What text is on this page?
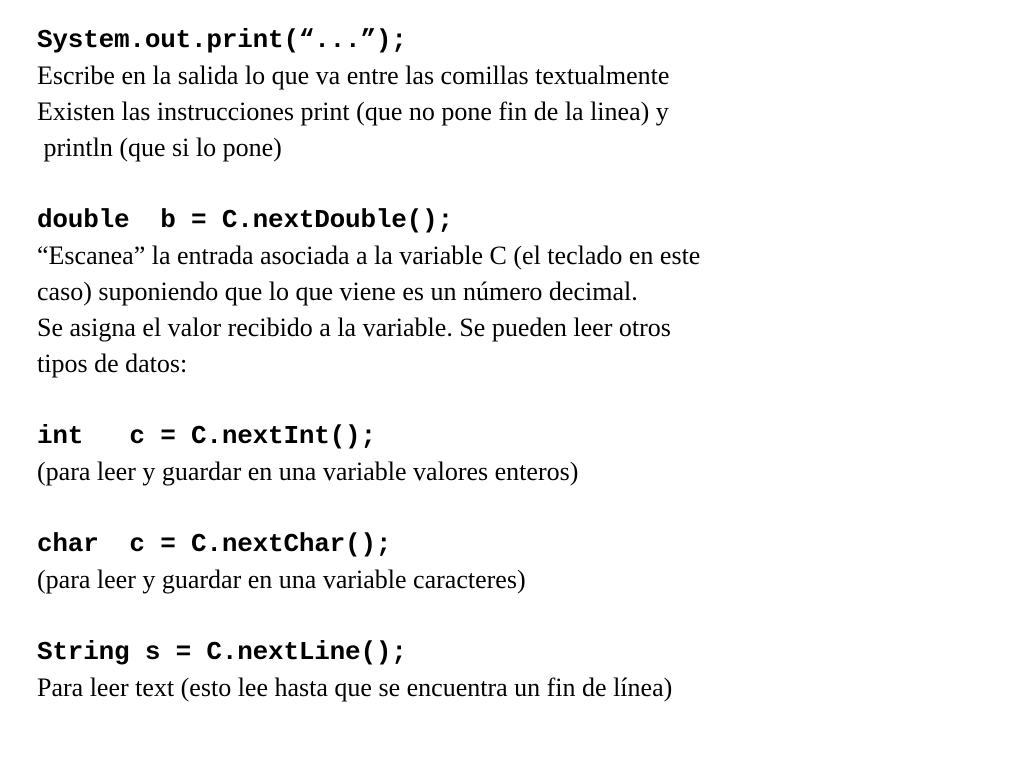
System.out.print(“...”);
Escribe en la salida lo que va entre las comillas textualmente
Existen las instrucciones print (que no pone fin de la linea) y
println (que si lo pone)
double  b = C.nextDouble();
“Escanea” la entrada asociada a la variable C (el teclado en este
caso) suponiendo que lo que viene es un número decimal.
Se asigna el valor recibido a la variable. Se pueden leer otros
tipos de datos:
int   c = C.nextInt();
(para leer y guardar en una variable valores enteros)
char  c = C.nextChar();
(para leer y guardar en una variable caracteres)
String s = C.nextLine();
Para leer text (esto lee hasta que se encuentra un fin de línea)
